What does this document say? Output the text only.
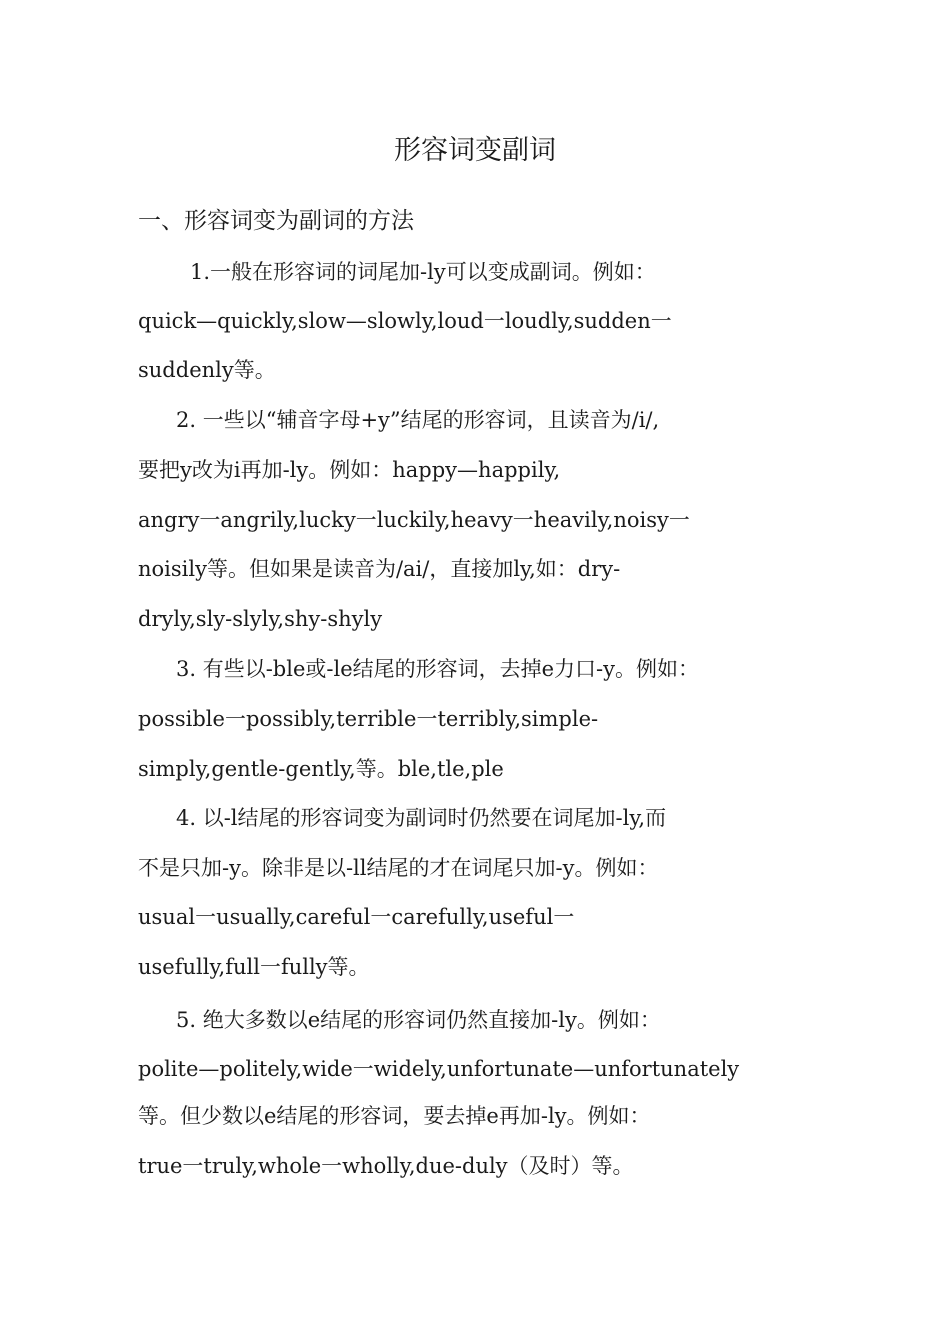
形容词变副词

一、形容词变为副词的方法

1.一般在形容词的词尾加-ly可以变成副词。例如：

quick—quickly,slow—slowly,loud一loudly,sudden一

suddenly等。

2. 一些以“辅音字母+y”结尾的形容词，且读音为/i/,

要把y改为i再加-ly。例如：happy—happily,

angry一angrily,lucky一luckily,heavy一heavily,noisy一

noisily等。但如果是读音为/ai/，直接加ly,如：dry-

dryly,sly-slyly,shy-shyly

3. 有些以-ble或-le结尾的形容词，去掉e力口-y。例如：

possible一possibly,terrible一terribly,simple-

simply,gentle-gently,等。ble,tle,ple

4. 以-l结尾的形容词变为副词时仍然要在词尾加-ly,而

不是只加-y。除非是以-ll结尾的才在词尾只加-y。例如：

usual一usually,careful一carefully,useful一

usefully,full一fully等。

5. 绝大多数以e结尾的形容词仍然直接加-ly。例如：

polite—politely,wide一widely,unfortunate—unfortunately

等。但少数以e结尾的形容词，要去掉e再加-ly。例如：

true一truly,whole一wholly,due-duly（及时）等。
